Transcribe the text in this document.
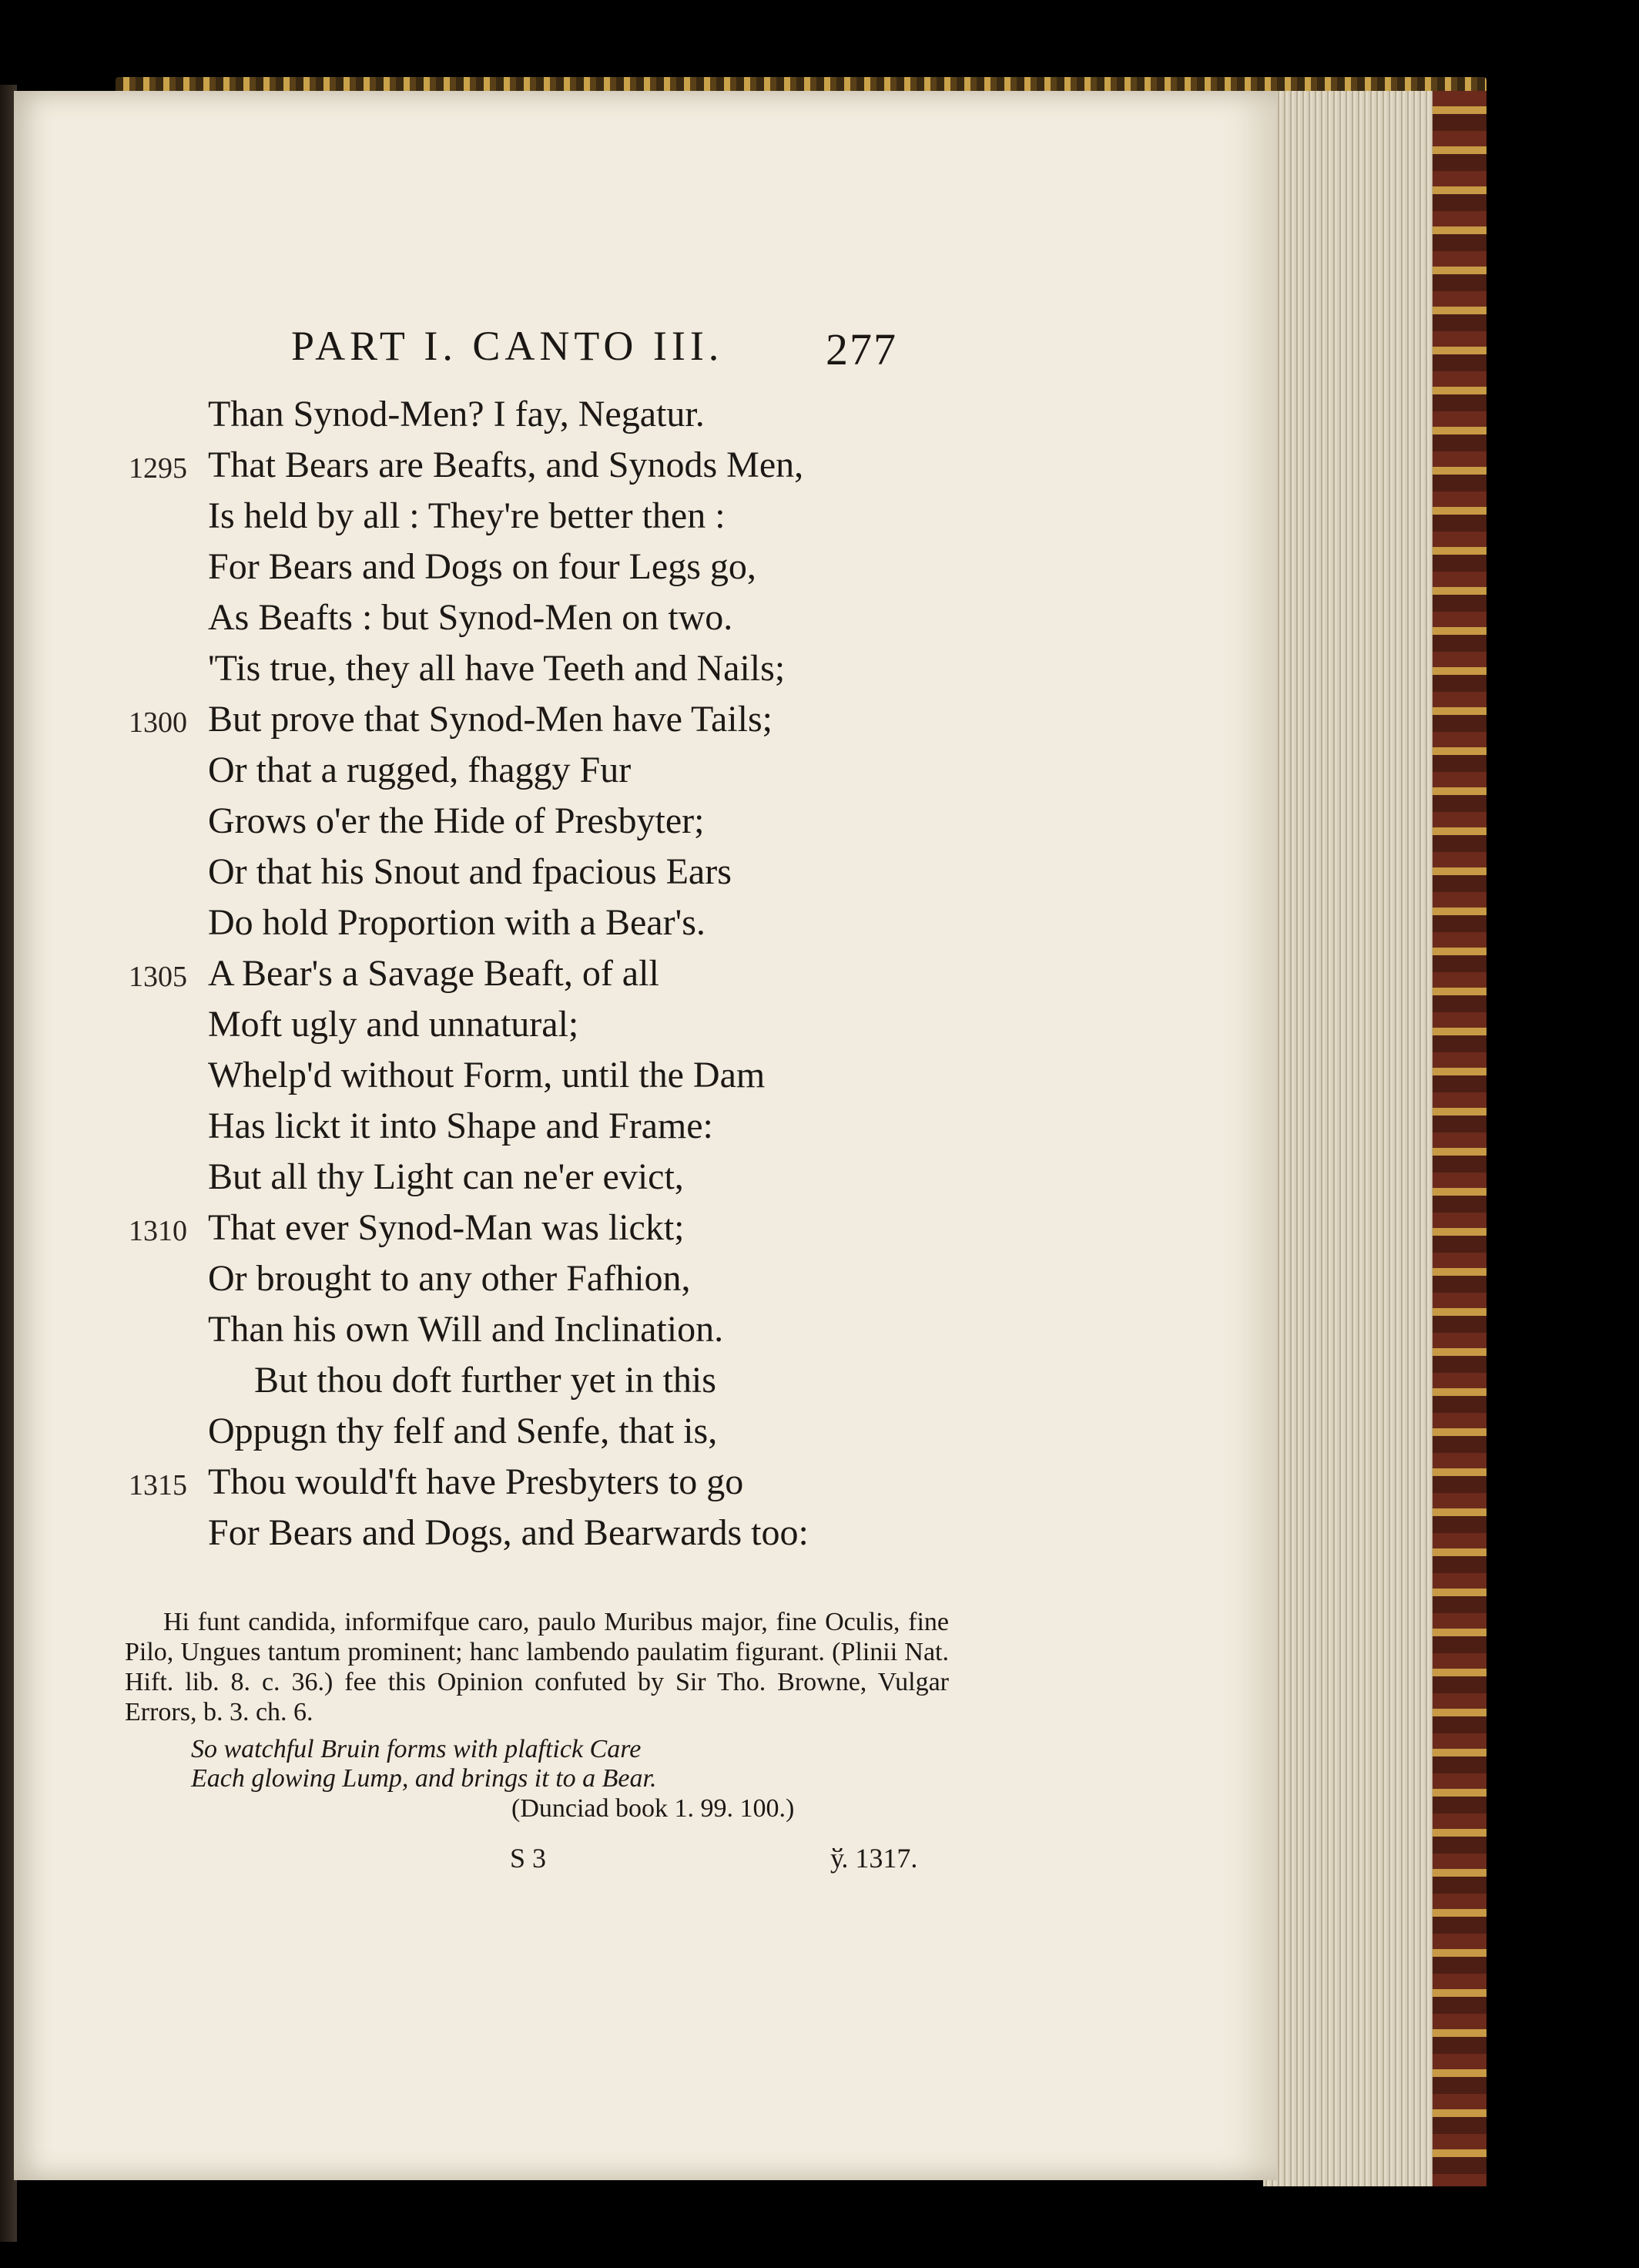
PART I. CANTO III. 277
Than Synod-Men? I fay, Negatur.
1295 That Bears are Beafts, and Synods Men,
Is held by all : They're better then :
For Bears and Dogs on four Legs go,
As Beafts : but Synod-Men on two.
'Tis true, they all have Teeth and Nails;
1300 But prove that Synod-Men have Tails;
Or that a rugged, fhaggy Fur
Grows o'er the Hide of Presbyter;
Or that his Snout and fpacious Ears
Do hold Proportion with a Bear's.
1305 A Bear's a Savage Beaft, of all
Moft ugly and unnatural;
Whelp'd without Form, until the Dam
Has lickt it into Shape and Frame:
But all thy Light can ne'er evict,
1310 That ever Synod-Man was lickt;
Or brought to any other Fafhion,
Than his own Will and Inclination.
But thou doft further yet in this
Oppugn thy felf and Senfe, that is,
1315 Thou would'ft have Presbyters to go
For Bears and Dogs, and Bearwards too:

Hi funt candida, informifque caro, paulo Muribus major, fine Oculis, fine Pilo, Ungues tantum prominent; hanc lambendo paulatim figurant. (Plinii Nat. Hift. lib. 8. c. 36.) fee this Opinion confuted by Sir Tho. Browne, Vulgar Errors, b. 3. ch. 6.

So watchful Bruin forms with plaftick Care
Each glowing Lump, and brings it to a Bear.
(Dunciad book 1. 99. 100.)
S 3	ў. 1317.
